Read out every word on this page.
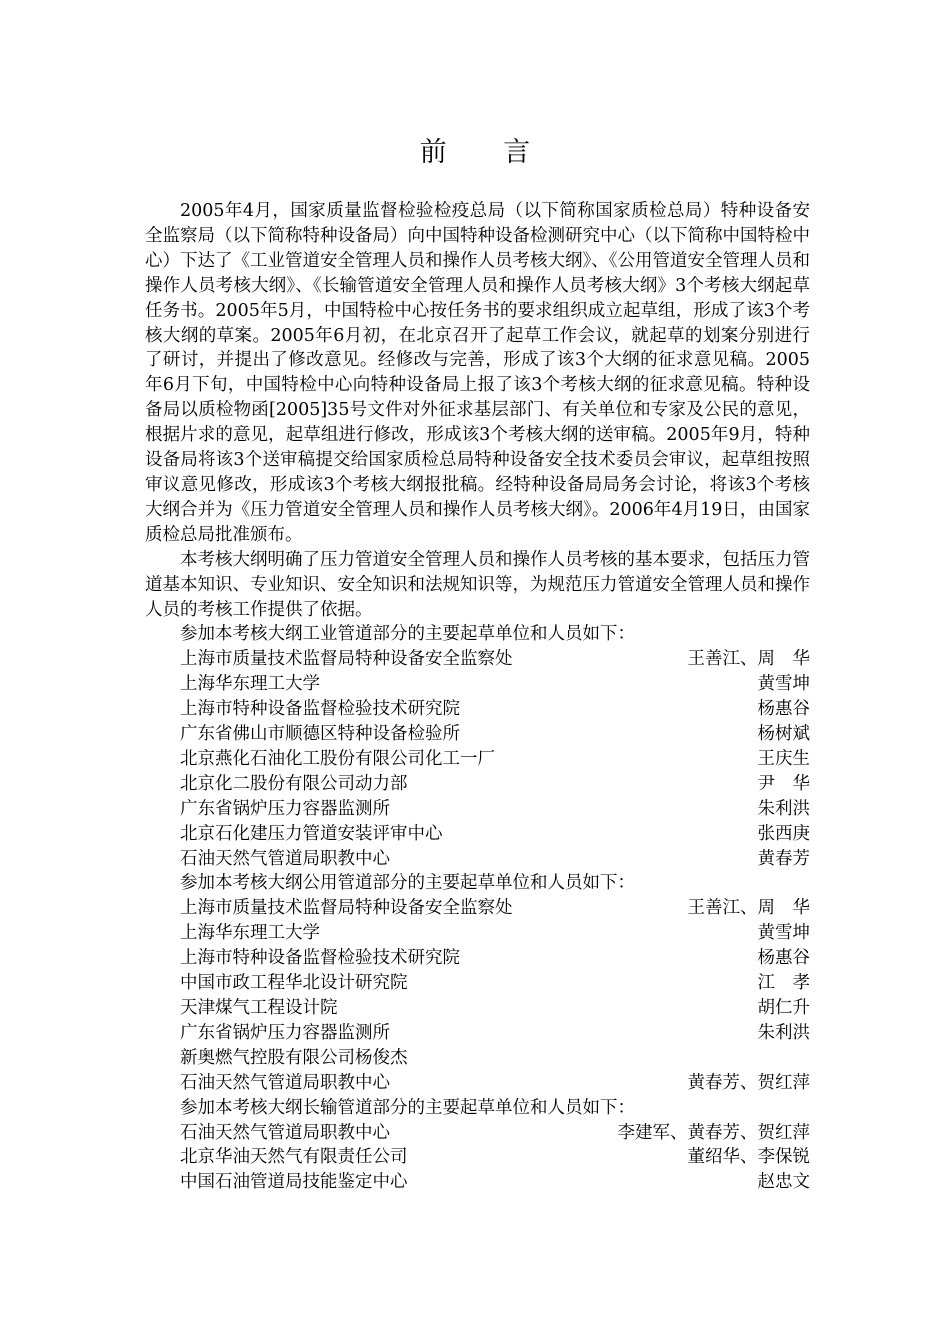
前 言

2005年4月，国家质量监督检验检疫总局（以下简称国家质检总局）特种设备安全监察局（以下简称特种设备局）向中国特种设备检测研究中心（以下简称中国特检中心）下达了《工业管道安全管理人员和操作人员考核大纲》、《公用管道安全管理人员和操作人员考核大纲》、《长输管道安全管理人员和操作人员考核大纲》3个考核大纲起草任务书。2005年5月，中国特检中心按任务书的要求组织成立起草组，形成了该3个考核大纲的草案。2005年6月初，在北京召开了起草工作会议，就起草的划案分别进行了研讨，并提出了修改意见。经修改与完善，形成了该3个大纲的征求意见稿。2005年6月下旬，中国特检中心向特种设备局上报了该3个考核大纲的征求意见稿。特种设备局以质检物函[2005]35号文件对外征求基层部门、有关单位和专家及公民的意见，根据片求的意见，起草组进行修改，形成该3个考核大纲的送审稿。2005年9月，特种设备局将该3个送审稿提交给国家质检总局特种设备安全技术委员会审议，起草组按照审议意见修改，形成该3个考核大纲报批稿。经特种设备局局务会讨论，将该3个考核大纲合并为《压力管道安全管理人员和操作人员考核大纲》。2006年4月19日，由国家质检总局批准颁布。

本考核大纲明确了压力管道安全管理人员和操作人员考核的基本要求，包括压力管道基本知识、专业知识、安全知识和法规知识等，为规范压力管道安全管理人员和操作人员的考核工作提供了依据。

参加本考核大纲工业管道部分的主要起草单位和人员如下：
上海市质量技术监督局特种设备安全监察处	王善江、周　华
上海华东理工大学	黄雪坤
上海市特种设备监督检验技术研究院	杨惠谷
广东省佛山市顺德区特种设备检验所	杨树斌
北京燕化石油化工股份有限公司化工一厂	王庆生
北京化二股份有限公司动力部	尹　华
广东省锅炉压力容器监测所	朱利洪
北京石化建压力管道安装评审中心	张西庚
石油天然气管道局职教中心	黄春芳
参加本考核大纲公用管道部分的主要起草单位和人员如下：
上海市质量技术监督局特种设备安全监察处	王善江、周　华
上海华东理工大学	黄雪坤
上海市特种设备监督检验技术研究院	杨惠谷
中国市政工程华北设计研究院	江　孝
天津煤气工程设计院	胡仁升
广东省锅炉压力容器监测所	朱利洪
新奥燃气控股有限公司杨俊杰
石油天然气管道局职教中心	黄春芳、贺红萍
参加本考核大纲长输管道部分的主要起草单位和人员如下：
石油天然气管道局职教中心	李建军、黄春芳、贺红萍
北京华油天然气有限责任公司	董绍华、李保锐
中国石油管道局技能鉴定中心	赵忠文
